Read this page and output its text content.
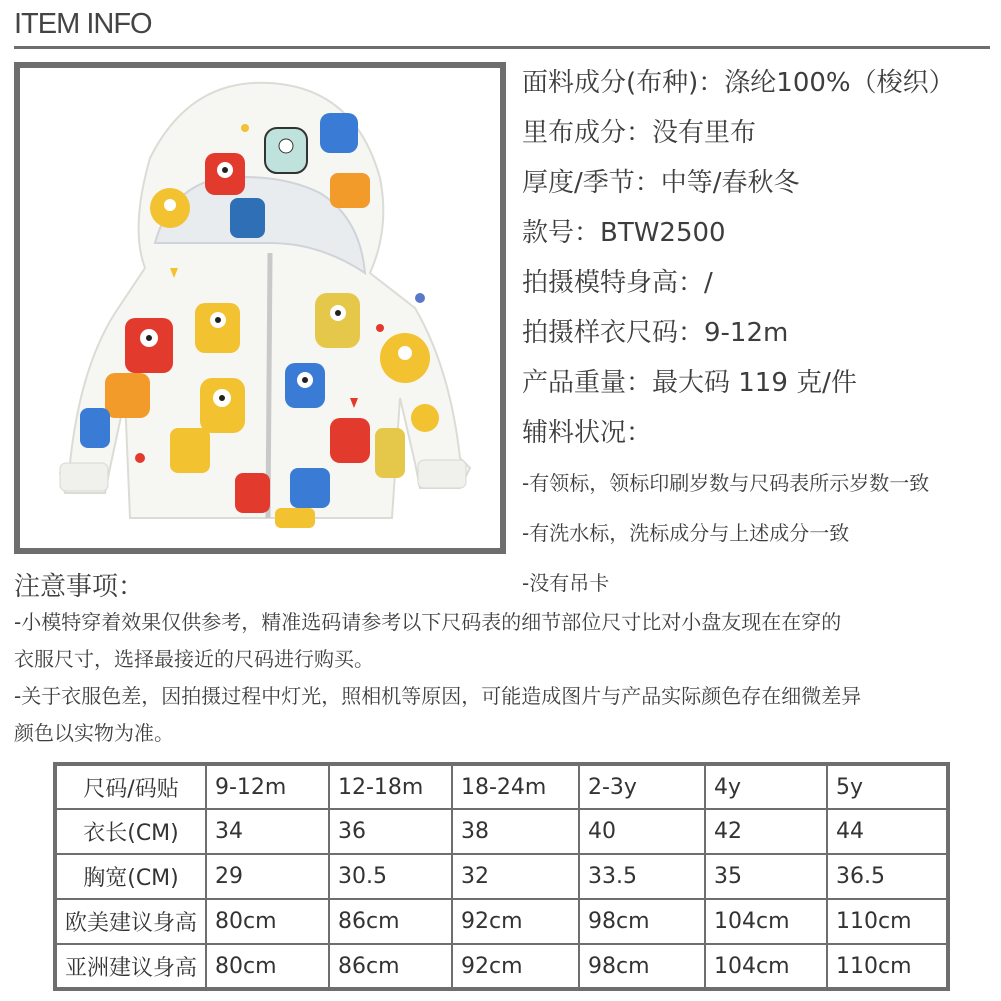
ITEM INFO
面料成分(布种)：涤纶100%（梭织）
里布成分：没有里布
厚度/季节：中等/春秋冬
款号：BTW2500
拍摄模特身高：/
拍摄样衣尺码：9-12m
产品重量：最大码 119 克/件
辅料状况：
-有领标，领标印刷岁数与尺码表所示岁数一致
-有洗水标，洗标成分与上述成分一致
-没有吊卡
注意事项：
-小模特穿着效果仅供参考，精准选码请参考以下尺码表的细节部位尺寸比对小盘友现在在穿的
衣服尺寸，选择最接近的尺码进行购买。
-关于衣服色差，因拍摄过程中灯光，照相机等原因，可能造成图片与产品实际颜色存在细微差异
颜色以实物为准。
尺码/码贴	9-12m	12-18m	18-24m	2-3y	4y	5y
衣长(CM)	34	36	38	40	42	44
胸宽(CM)	29	30.5	32	33.5	35	36.5
欧美建议身高	80cm	86cm	92cm	98cm	104cm	110cm
亚洲建议身高	80cm	86cm	92cm	98cm	104cm	110cm
